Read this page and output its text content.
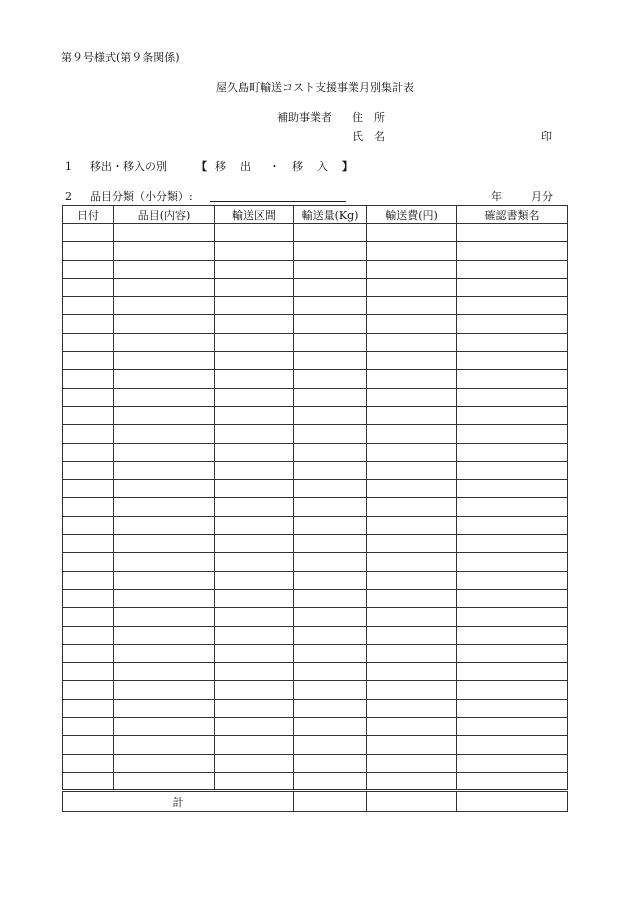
第９号様式(第９条関係)
屋久島町輸送コスト支援事業月別集計表
補助事業者 住所
氏名	印
1 移出・移入の別	【 移出 ・ 移入】
2 品目分類（小分類）:	年	月分
日付	品目(内容)	輸送区間	輸送量(Kg)	輸送費(円)	確認書類名

計					
